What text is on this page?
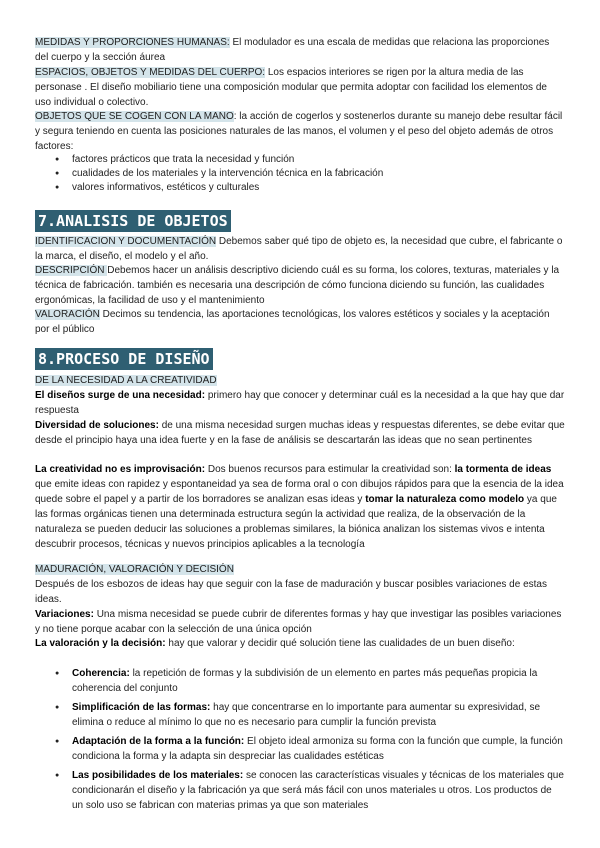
MEDIDAS Y PROPORCIONES HUMANAS: El modulador es una escala de medidas que relaciona las proporciones del cuerpo y la sección áurea
ESPACIOS, OBJETOS Y MEDIDAS DEL CUERPO: Los espacios interiores se rigen por la altura media de las personase . El diseño mobiliario tiene una composición modular que permita adoptar con facilidad los elementos de uso individual o colectivo.
OBJETOS QUE SE COGEN CON LA MANO: la acción de cogerlos y sostenerlos durante su manejo debe resultar fácil y segura teniendo en cuenta las posiciones naturales de las manos, el volumen y el peso del objeto además de otros factores:
● factores prácticos que trata la necesidad y función
● cualidades de los materiales y la intervención técnica en la fabricación
● valores informativos, estéticos y culturales
7.ANALISIS DE OBJETOS
IDENTIFICACION Y DOCUMENTACIÓN Debemos saber qué tipo de objeto es, la necesidad que cubre, el fabricante o la marca, el diseño, el modelo y el año.
DESCRIPCIÓN Debemos hacer un análisis descriptivo diciendo cuál es su forma, los colores, texturas, materiales y la técnica de fabricación. también es necesaria una descripción de cómo funciona diciendo su función, las cualidades ergonómicas, la facilidad de uso y el mantenimiento
VALORACIÓN Decimos su tendencia, las aportaciones tecnológicas, los valores estéticos y sociales y la aceptación por el público
8.PROCESO DE DISEÑO
DE LA NECESIDAD A LA CREATIVIDAD
El diseños surge de una necesidad: primero hay que conocer y determinar cuál es la necesidad a la que hay que dar respuesta
Diversidad de soluciones: de una misma necesidad surgen muchas ideas y respuestas diferentes, se debe evitar que desde el principio haya una idea fuerte y en la fase de análisis se descartarán las ideas que no sean pertinentes
La creatividad no es improvisación: Dos buenos recursos para estimular la creatividad son: la tormenta de ideas que emite ideas con rapidez y espontaneidad ya sea de forma oral o con dibujos rápidos para que la esencia de la idea quede sobre el papel y a partir de los borradores se analizan esas ideas y tomar la naturaleza como modelo ya que las formas orgánicas tienen una determinada estructura según la actividad que realiza, de la observación de la naturaleza se pueden deducir las soluciones a problemas similares, la biónica analizan los sistemas vivos e intenta descubrir procesos, técnicas y nuevos principios aplicables a la tecnología
MADURACIÓN, VALORACIÓN Y DECISIÓN
Después de los esbozos de ideas hay que seguir con la fase de maduración y buscar posibles variaciones de estas ideas.
Variaciones: Una misma necesidad se puede cubrir de diferentes formas y hay que investigar las posibles variaciones y no tiene porque acabar con la selección de una única opción
La valoración y la decisión: hay que valorar y decidir qué solución tiene las cualidades de un buen diseño:
● Coherencia: la repetición de formas y la subdivisión de un elemento en partes más pequeñas propicia la coherencia del conjunto
● Simplificación de las formas: hay que concentrarse en lo importante para aumentar su expresividad, se elimina o reduce al mínimo lo que no es necesario para cumplir la función prevista
● Adaptación de la forma a la función: El objeto ideal armoniza su forma con la función que cumple, la función condiciona la forma y la adapta sin despreciar las cualidades estéticas
● Las posibilidades de los materiales: se conocen las características visuales y técnicas de los materiales que condicionarán el diseño y la fabricación ya que será más fácil con unos materiales u otros. Los productos de un solo uso se fabrican con materias primas ya que son materiales
